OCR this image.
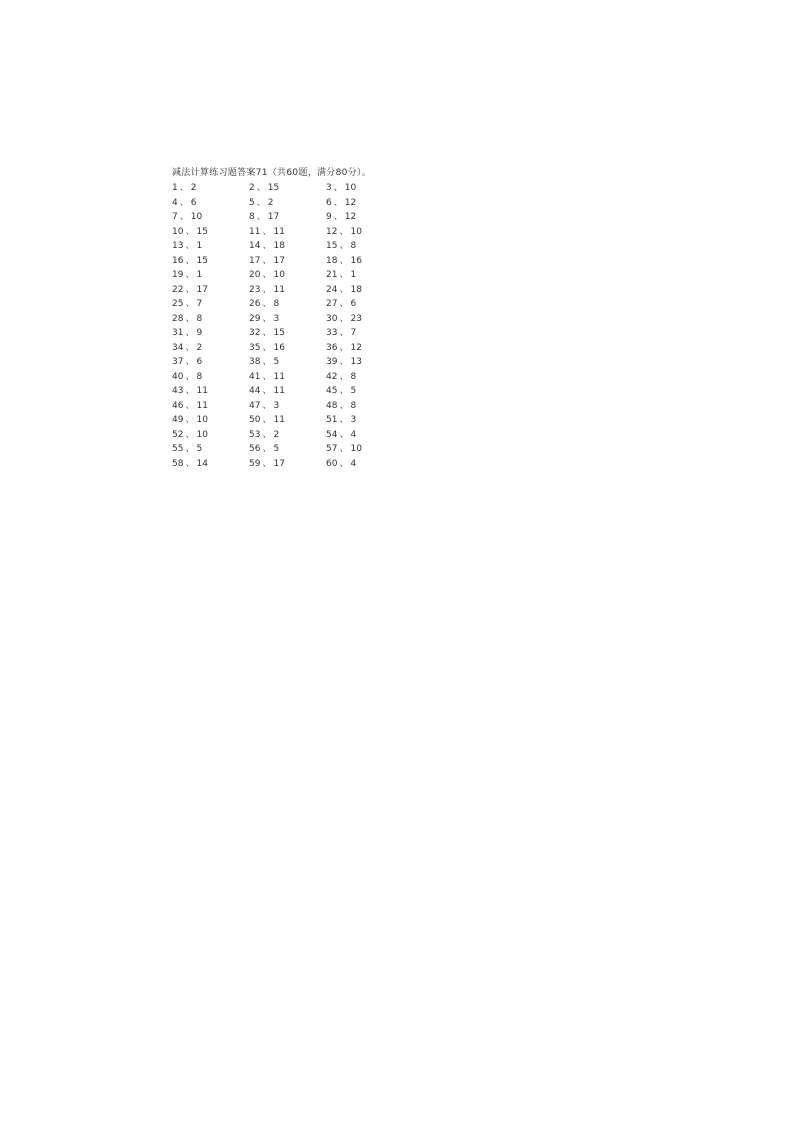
减法计算练习题答案71（共60题，满分80分）。
1 、 2	2 、 15	3 、 10
4 、 6	5 、 2	6 、 12
7 、 10	8 、 17	9 、 12
10 、 15	11 、 11	12 、 10
13 、 1	14 、 18	15 、 8
16 、 15	17 、 17	18 、 16
19 、 1	20 、 10	21 、 1
22 、 17	23 、 11	24 、 18
25 、 7	26 、 8	27 、 6
28 、 8	29 、 3	30 、 23
31 、 9	32 、 15	33 、 7
34 、 2	35 、 16	36 、 12
37 、 6	38 、 5	39 、 13
40 、 8	41 、 11	42 、 8
43 、 11	44 、 11	45 、 5
46 、 11	47 、 3	48 、 8
49 、 10	50 、 11	51 、 3
52 、 10	53 、 2	54 、 4
55 、 5	56 、 5	57 、 10
58 、 14	59 、 17	60 、 4
